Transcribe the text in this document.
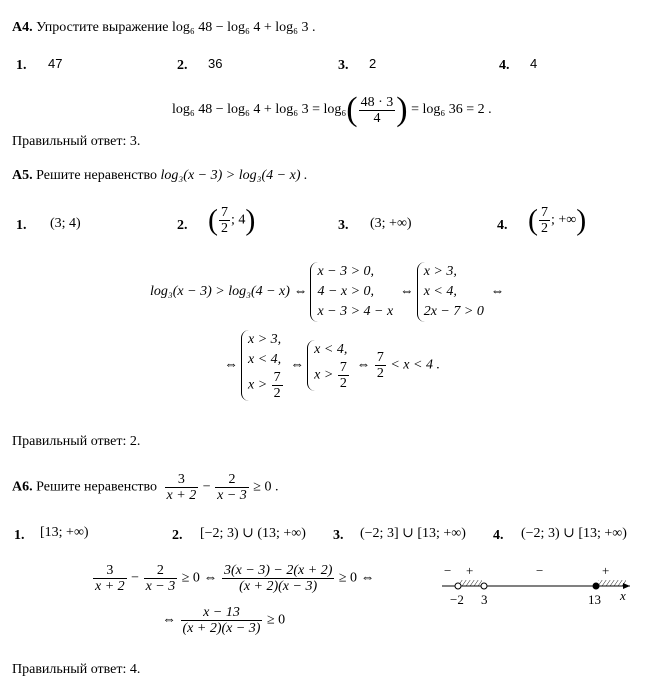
А4. Упростите выражение log₆ 48 − log₆ 4 + log₆ 3 .
1. 47	2. 36	3. 2	4. 4
log₆ 48 − log₆ 4 + log₆ $3 = \log_6( \frac{48 \cdot 3}{4}$ ) = log₆ 36 = 2 .
Правильный ответ: 3.
А5. Решите неравенство log₃(x − 3) > log₃(4 − x) .
1. (3; 4)	2. ( $\frac{7}{2}$ ; 4)	3. (3; +∞)	4. ( $\frac{7}{2}$ ; +∞)
log₃(x − 3) > log₃(4 − x) ⇔
x − 3 > 0,
4 − x > 0,
x − 3 > 4 − x
⇔
x > 3,
x < 4,
2x − 7 > 0
⇔
⇔
x > 3,
x < 4,
$x > \frac{7}{2}$
⇔
x < 4,
$x > \frac{7}{2}$ ⇔ $\frac{7}{2} < x < 4$ .
Правильный ответ: 2.
А6. Решите неравенство $\frac{3}{x + 2} - \frac{2}{x - 3} \ge 0$ .
1. [13; +∞)	2. [−2; 3) ∪ (13; +∞) 3. (−2; 3] ∪ [13; +∞) 4. (−2; 3) ∪ [13; +∞)
$\frac{3}{x + 2} - \frac{2}{x - 3} \ge 0$ ⇔ $\frac{3(x - 3) - 2(x + 2)}{(x + 2)(x - 3)} \ge 0$ ⇔
⇔ $\frac{x - 13}{(x + 2)(x - 3)} \ge 0$
− +	−	+
−2 3	13 x
Правильный ответ: 4.
